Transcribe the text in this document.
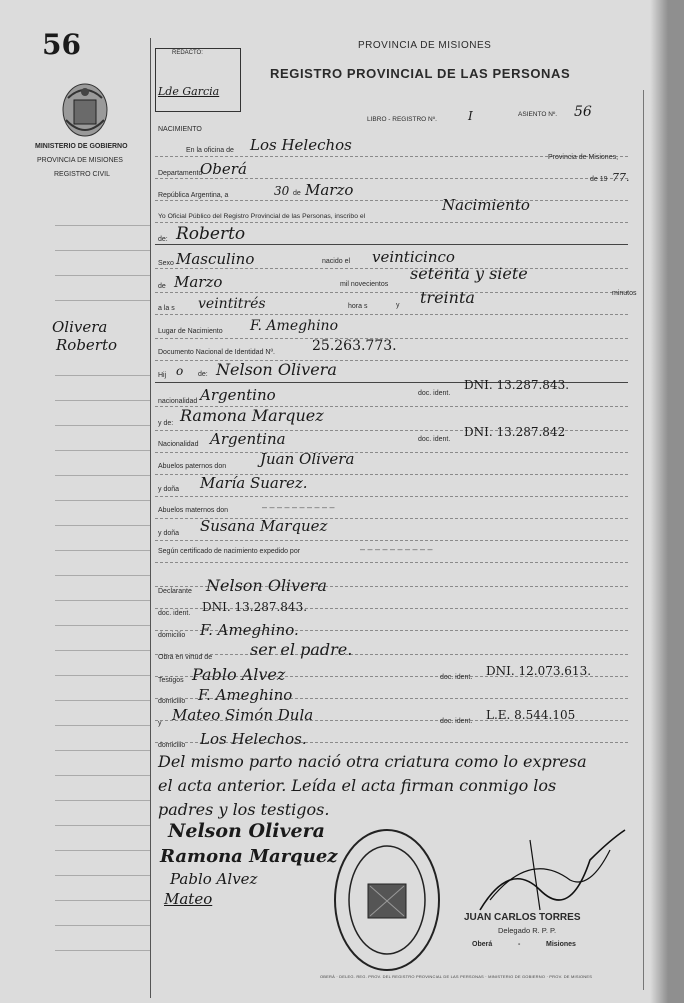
56
MINISTERIO DE GOBIERNO
PROVINCIA DE MISIONES
REGISTRO CIVIL
Olivera
Roberto
REDACTO:
Lde Garcia
PROVINCIA DE MISIONES
REGISTRO PROVINCIAL DE LAS PERSONAS
NACIMIENTO
LIBRO - REGISTRO Nº.	I	ASIENTO Nº. 56
En la oficina de Los Helechos
Departamento
Oberá
Provincia de Misiones,
República Argentina, a	30 de Marzo
de 19 77.
Yo Oficial Público del Registro Provincial de las Personas, inscribo el
Nacimiento
de: Roberto
Sexo Masculino	nacido el veinticinco
de Marzo	mil novecientos
setenta y siete
a la s veintitrés	hora s	y treinta	minutos
Lugar de Nacimiento F. Ameghino
Documento Nacional de Identidad Nº.	25.263.773.
Hij o de: Nelson Olivera
nacionalidad Argentino	doc. ident.
DNI. 13.287.843.
y de: Ramona Marquez
Nacionalidad Argentina	doc. ident.
DNI. 13.287.842
Abuelos paternos don Juan Olivera
y doña María Suarez.
Abuelos maternos don	– – – – – – – – – –
y doña Susana Marquez
Según certificado de nacimiento expedido por	– – – – – – – – – –
Declarante Nelson Olivera
doc. ident. DNI. 13.287.843.
domicilio F. Ameghino.
Obra en virtud de ser el padre.
Testigos Pablo Alvez	doc. ident. DNI. 12.073.613.
domicilio F. Ameghino
y Mateo Simón Dula	doc. ident. L.E. 8.544.105
domicilio Los Helechos.
Del mismo parto nació otra criatura como lo expresa
el acta anterior. Leída el acta firman conmigo los
padres y los testigos.
Nelson Olivera
Ramona Marquez
Pablo Alvez
Mateo
OBERÁ · DELEG. REG. PROV. DEL REGISTRO PROVINCIAL DE LAS PERSONAS · MINISTERIO DE GOBIERNO · PROV. DE MISIONES
JUAN CARLOS TORRES
Delegado R. P. P.
Oberá	-	Misiones
